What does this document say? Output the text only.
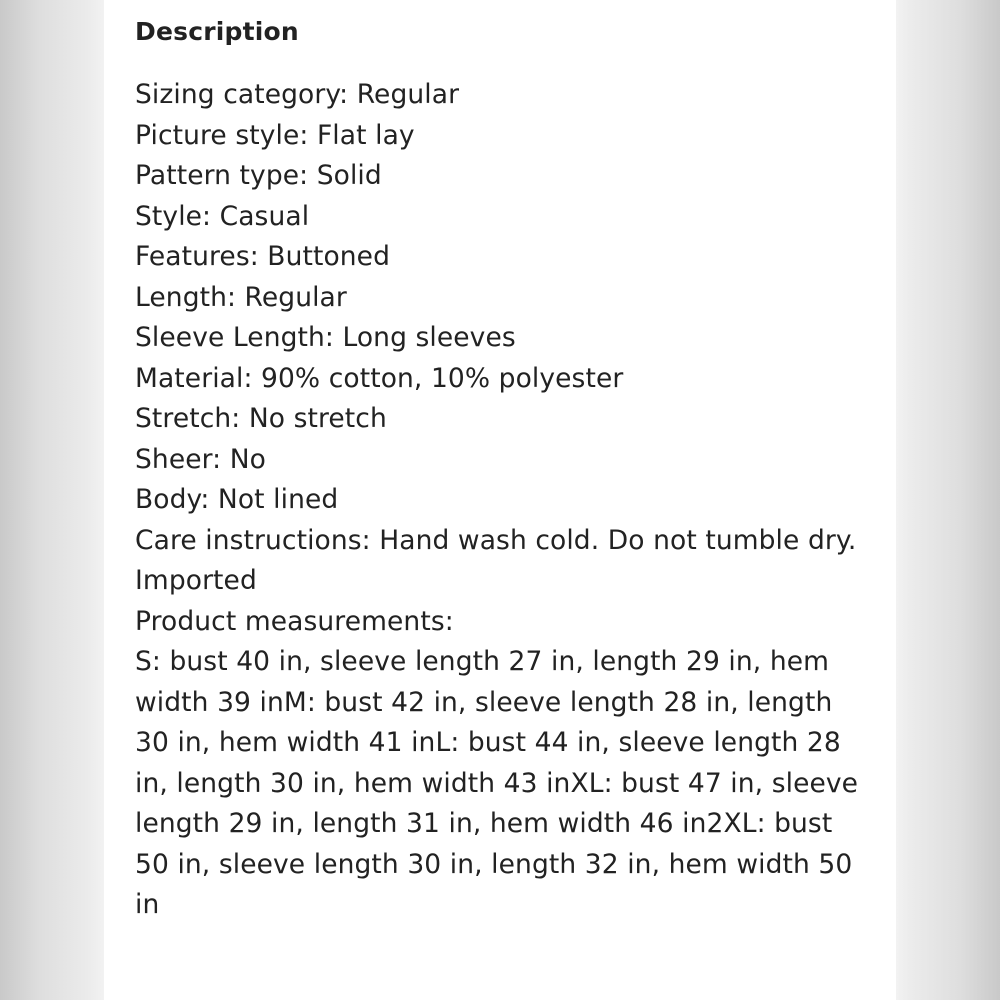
Description
Sizing category: Regular
Picture style: Flat lay
Pattern type: Solid
Style: Casual
Features: Buttoned
Length: Regular
Sleeve Length: Long sleeves
Material: 90% cotton, 10% polyester
Stretch: No stretch
Sheer: No
Body: Not lined
Care instructions: Hand wash cold. Do not tumble dry.
Imported
Product measurements:
S: bust 40 in, sleeve length 27 in, length 29 in, hem width 39 inM: bust 42 in, sleeve length 28 in, length 30 in, hem width 41 inL: bust 44 in, sleeve length 28 in, length 30 in, hem width 43 inXL: bust 47 in, sleeve length 29 in, length 31 in, hem width 46 in2XL: bust 50 in, sleeve length 30 in, length 32 in, hem width 50 in
